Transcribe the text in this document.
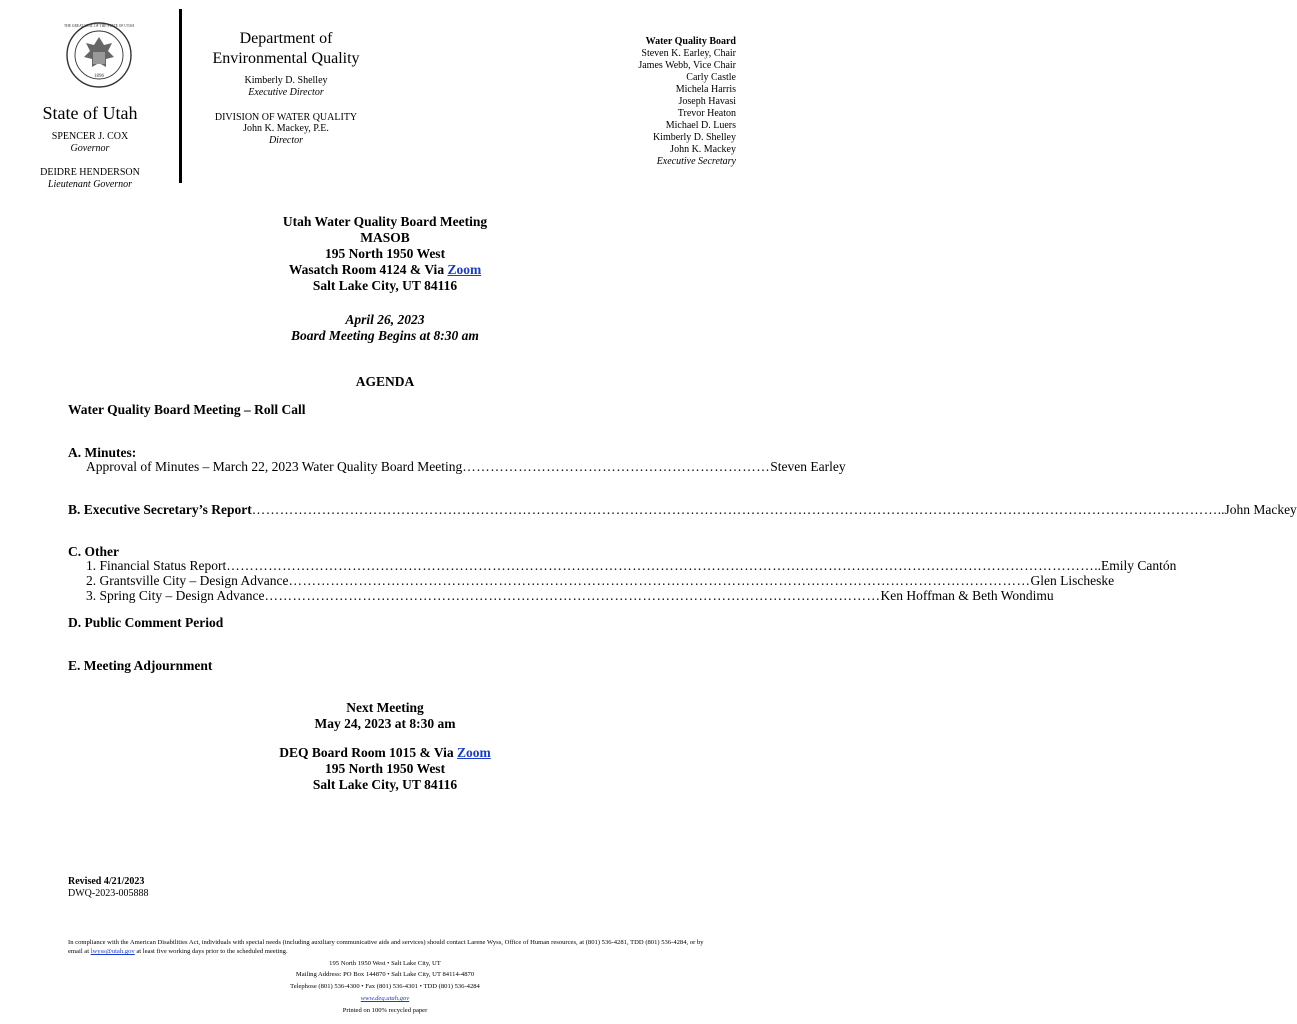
1896
THE GREAT SEAL OF THE STATE OF UTAH
State of Utah
SPENCER J. COX
Governor
DEIDRE HENDERSON
Lieutenant Governor
Department of
Environmental Quality
Kimberly D. Shelley
Executive Director
DIVISION OF WATER QUALITY
John K. Mackey, P.E.
Director
Water Quality Board
Steven K. Earley, Chair
James Webb, Vice Chair
Carly Castle
Michela Harris
Joseph Havasi
Trevor Heaton
Michael D. Luers
Kimberly D. Shelley
John K. Mackey
Executive Secretary
Utah Water Quality Board Meeting
MASOB
195 North 1950 West
Wasatch Room 4124 & Via Zoom
Salt Lake City, UT 84116
April 26, 2023
Board Meeting Begins at 8:30 am
AGENDA
Water Quality Board Meeting – Roll Call
A. Minutes:
Approval of Minutes – March 22, 2023 Water Quality Board Meeting ………………………………………………………… Steven Earley
B. Executive Secretary’s Report ……………………………………………………………………………………………………………………………………………………………………………………… ..John Mackey
C. Other
1. Financial Status Report …………………………………………………………………………………………………………………………………………………………………… ..Emily Cantón
2. Grantsville City – Design Advance …………………………………………………………………………………………………………………………………………… Glen Lischeske
3. Spring City – Design Advance …………………………………………………………………………………………………………………… Ken Hoffman & Beth Wondimu
D. Public Comment Period
E. Meeting Adjournment
Next Meeting
May 24, 2023 at 8:30 am
DEQ Board Room 1015 & Via Zoom
195 North 1950 West
Salt Lake City, UT 84116
Revised 4/21/2023
DWQ-2023-005888
In compliance with the American Disabilities Act, individuals with special needs (including auxiliary communicative aids and services) should contact Larene Wyss, Office of Human resources, at (801) 536-4281, TDD (801) 536-4284, or by email at lwyss@utah.gov at least five working days prior to the scheduled meeting.
195 North 1950 West • Salt Lake City, UT
Mailing Address: PO Box 144870 • Salt Lake City, UT 84114-4870
Telephose (801) 536-4300 • Fax (801) 536-4301 • TDD (801) 536-4284
www.deq.utah.gov
Printed on 100% recycled paper
